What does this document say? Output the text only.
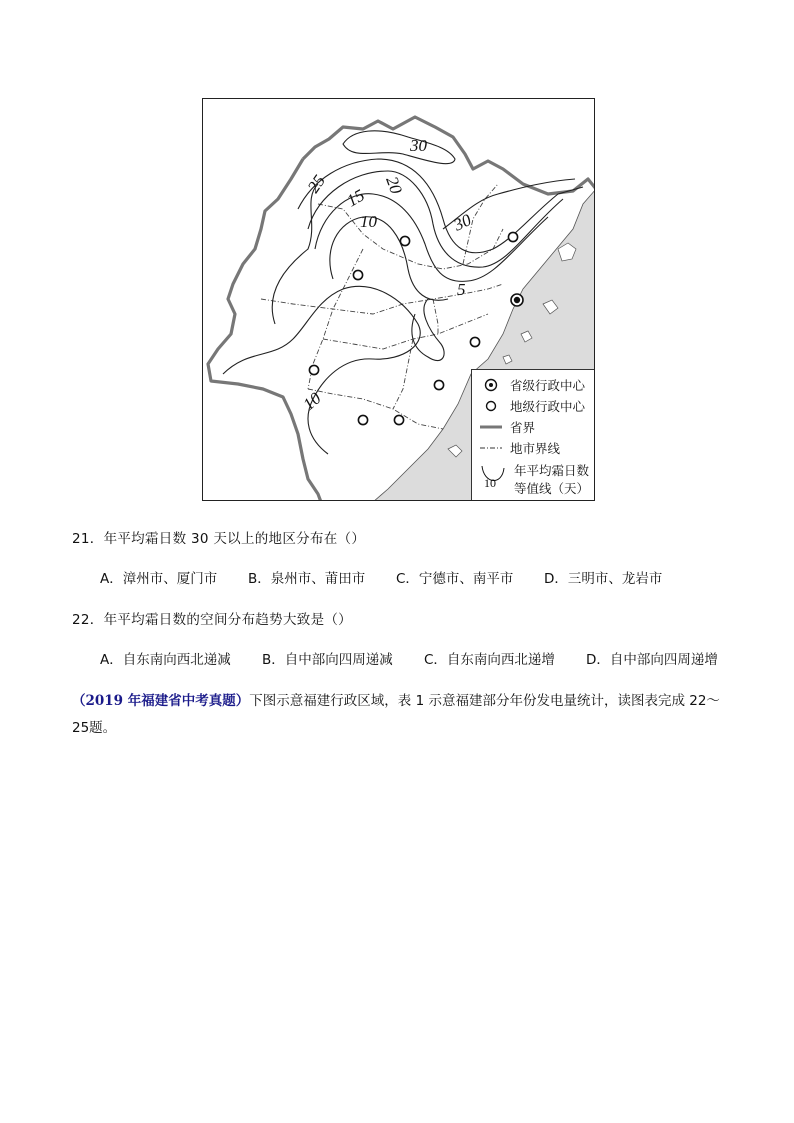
30
20
25
15
10	30
5
10
省级行政中心
地级行政中心
省界
地市界线
10
年平均霜日数
等值线（天）
21．年平均霜日数 30 天以上的地区分布在（）
A．漳州市、厦门市	B．泉州市、莆田市	C．宁德市、南平市	D．三明市、龙岩市
22．年平均霜日数的空间分布趋势大致是（）
A．自东南向西北递减	B．自中部向四周递减	C．自东南向西北递增	D．自中部向四周递增
（2019 年福建省中考真题）下图示意福建行政区域，表 1 示意福建部分年份发电量统计，读图表完成 22～25题。
